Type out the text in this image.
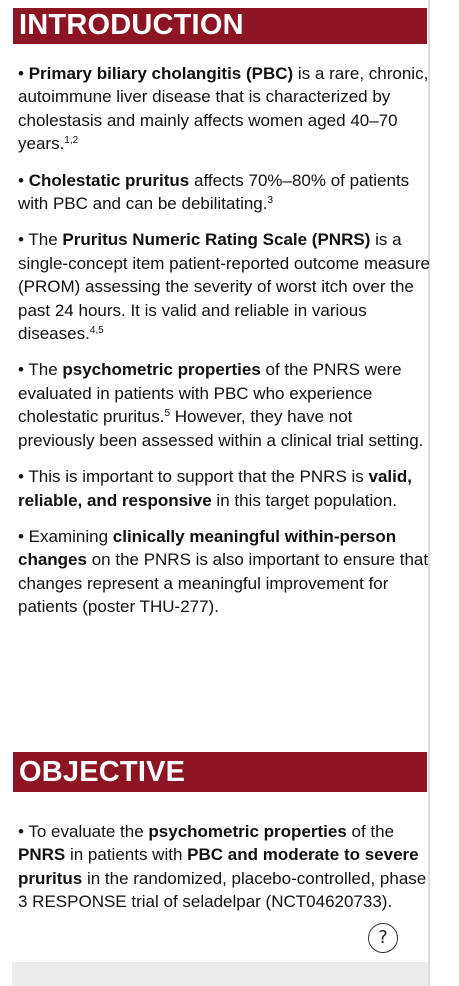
INTRODUCTION

• Primary biliary cholangitis (PBC) is a rare, chronic, autoimmune liver disease that is characterized by cholestasis and mainly affects women aged 40–70 years.$^{1,2}$

• Cholestatic pruritus affects 70%–80% of patients with PBC and can be debilitating.$^3$

• The Pruritus Numeric Rating Scale (PNRS) is a single-concept item patient-reported outcome measure (PROM) assessing the severity of worst itch over the past 24 hours. It is valid and reliable in various diseases.$^{4,5}$

• The psychometric properties of the PNRS were evaluated in patients with PBC who experience cholestatic pruritus.$^5$ However, they have not previously been assessed within a clinical trial setting.

• This is important to support that the PNRS is valid, reliable, and responsive in this target population.

• Examining clinically meaningful within-person changes on the PNRS is also important to ensure that changes represent a meaningful improvement for patients (poster THU-277).

OBJECTIVE

• To evaluate the psychometric properties of the PNRS in patients with PBC and moderate to severe pruritus in the randomized, placebo-controlled, phase 3 RESPONSE trial of seladelpar (NCT04620733).

?
